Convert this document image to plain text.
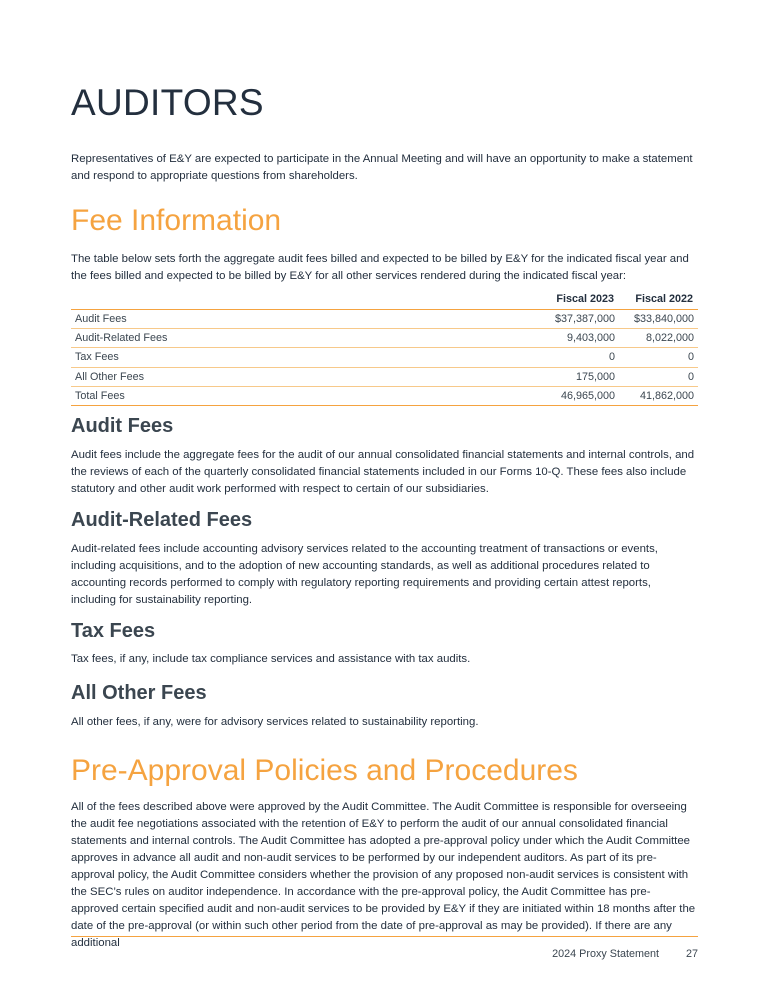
AUDITORS

Representatives of E&Y are expected to participate in the Annual Meeting and will have an opportunity to make a statement and respond to appropriate questions from shareholders.

Fee Information

The table below sets forth the aggregate audit fees billed and expected to be billed by E&Y for the indicated fiscal year and the fees billed and expected to be billed by E&Y for all other services rendered during the indicated fiscal year:

	Fiscal 2023	Fiscal 2022
Audit Fees	$37,387,000	$33,840,000
Audit-Related Fees	9,403,000	8,022,000
Tax Fees	0	0
All Other Fees	175,000	0
Total Fees	46,965,000	41,862,000
Audit Fees

Audit fees include the aggregate fees for the audit of our annual consolidated financial statements and internal controls, and the reviews of each of the quarterly consolidated financial statements included in our Forms 10-Q. These fees also include statutory and other audit work performed with respect to certain of our subsidiaries.

Audit-Related Fees

Audit-related fees include accounting advisory services related to the accounting treatment of transactions or events, including acquisitions, and to the adoption of new accounting standards, as well as additional procedures related to accounting records performed to comply with regulatory reporting requirements and providing certain attest reports, including for sustainability reporting.

Tax Fees

Tax fees, if any, include tax compliance services and assistance with tax audits.

All Other Fees

All other fees, if any, were for advisory services related to sustainability reporting.

Pre-Approval Policies and Procedures

All of the fees described above were approved by the Audit Committee. The Audit Committee is responsible for overseeing the audit fee negotiations associated with the retention of E&Y to perform the audit of our annual consolidated financial statements and internal controls. The Audit Committee has adopted a pre-approval policy under which the Audit Committee approves in advance all audit and non-audit services to be performed by our independent auditors. As part of its pre-approval policy, the Audit Committee considers whether the provision of any proposed non-audit services is consistent with the SEC’s rules on auditor independence. In accordance with the pre-approval policy, the Audit Committee has pre-approved certain specified audit and non-audit services to be provided by E&Y if they are initiated within 18 months after the date of the pre-approval (or within such other period from the date of pre-approval as may be provided). If there are any additional

2024 Proxy Statement	27
